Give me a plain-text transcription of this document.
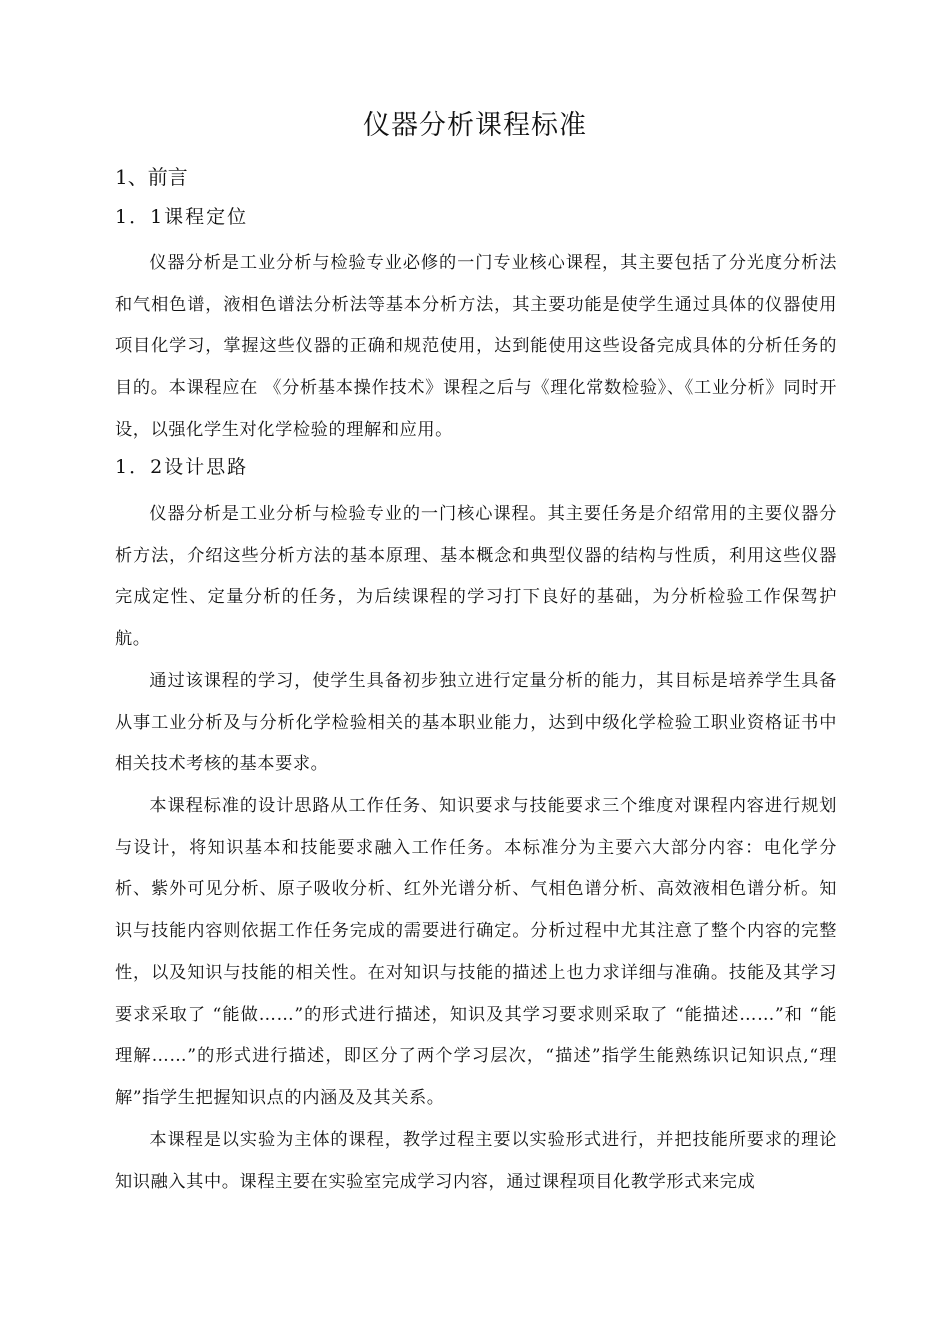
仪器分析课程标准
1、前言
1．1课程定位

仪器分析是工业分析与检验专业必修的一门专业核心课程，其主要包括了分光度分析法和气相色谱，液相色谱法分析法等基本分析方法，其主要功能是使学生通过具体的仪器使用项目化学习，掌握这些仪器的正确和规范使用，达到能使用这些设备完成具体的分析任务的目的。本课程应在 《分析基本操作技术》课程之后与《理化常数检验》、《工业分析》同时开设，以强化学生对化学检验的理解和应用。

1．2设计思路

仪器分析是工业分析与检验专业的一门核心课程。其主要任务是介绍常用的主要仪器分析方法，介绍这些分析方法的基本原理、基本概念和典型仪器的结构与性质，利用这些仪器完成定性、定量分析的任务，为后续课程的学习打下良好的基础，为分析检验工作保驾护航。

通过该课程的学习，使学生具备初步独立进行定量分析的能力，其目标是培养学生具备从事工业分析及与分析化学检验相关的基本职业能力，达到中级化学检验工职业资格证书中相关技术考核的基本要求。

本课程标准的设计思路从工作任务、知识要求与技能要求三个维度对课程内容进行规划与设计，将知识基本和技能要求融入工作任务。本标准分为主要六大部分内容：电化学分析、紫外可见分析、原子吸收分析、红外光谱分析、气相色谱分析、高效液相色谱分析。知识与技能内容则依据工作任务完成的需要进行确定。分析过程中尤其注意了整个内容的完整性，以及知识与技能的相关性。在对知识与技能的描述上也力求详细与准确。技能及其学习要求采取了 “能做……”的形式进行描述，知识及其学习要求则采取了 “能描述……”和 “能理解……”的形式进行描述，即区分了两个学习层次，“描述”指学生能熟练识记知识点,“理解”指学生把握知识点的内涵及及其关系。

本课程是以实验为主体的课程，教学过程主要以实验形式进行，并把技能所要求的理论知识融入其中。课程主要在实验室完成学习内容，通过课程项目化教学形式来完成
